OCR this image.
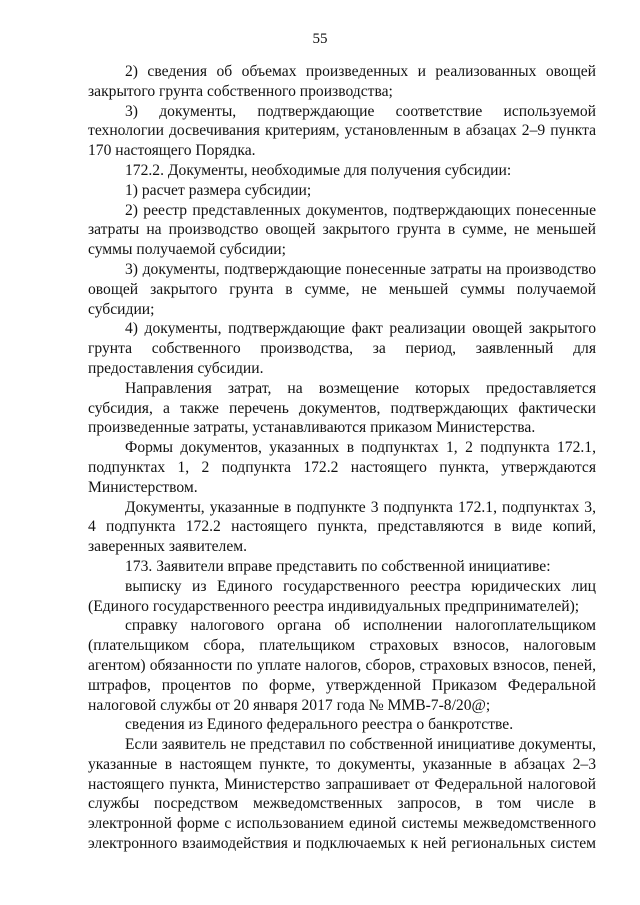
55

2) сведения об объемах произведенных и реализованных овощей закрытого грунта собственного производства;

3) документы, подтверждающие соответствие используемой технологии досвечивания критериям, установленным в абзацах 2–9 пункта 170 настоящего Порядка.

172.2. Документы, необходимые для получения субсидии:

1) расчет размера субсидии;

2) реестр представленных документов, подтверждающих понесенные затраты на производство овощей закрытого грунта в сумме, не меньшей суммы получаемой субсидии;

3) документы, подтверждающие понесенные затраты на производство овощей закрытого грунта в сумме, не меньшей суммы получаемой субсидии;

4) документы, подтверждающие факт реализации овощей закрытого грунта собственного производства, за период, заявленный для предоставления субсидии.

Направления затрат, на возмещение которых предоставляется субсидия, а также перечень документов, подтверждающих фактически произведенные затраты, устанавливаются приказом Министерства.

Формы документов, указанных в подпунктах 1, 2 подпункта 172.1, подпунктах 1, 2 подпункта 172.2 настоящего пункта, утверждаются Министерством.

Документы, указанные в подпункте 3 подпункта 172.1, подпунктах 3, 4 подпункта 172.2 настоящего пункта, представляются в виде копий, заверенных заявителем.

173. Заявители вправе представить по собственной инициативе:

выписку из Единого государственного реестра юридических лиц (Единого государственного реестра индивидуальных предпринимателей);

справку налогового органа об исполнении налогоплательщиком (плательщиком сбора, плательщиком страховых взносов, налоговым агентом) обязанности по уплате налогов, сборов, страховых взносов, пеней, штрафов, процентов по форме, утвержденной Приказом Федеральной налоговой службы от 20 января 2017 года № ММВ-7-8/20@;

сведения из Единого федерального реестра о банкротстве.

Если заявитель не представил по собственной инициативе документы, указанные в настоящем пункте, то документы, указанные в абзацах 2–3 настоящего пункта, Министерство запрашивает от Федеральной налоговой службы посредством межведомственных запросов, в том числе в электронной форме с использованием единой системы межведомственного электронного взаимодействия и подключаемых к ней региональных систем
